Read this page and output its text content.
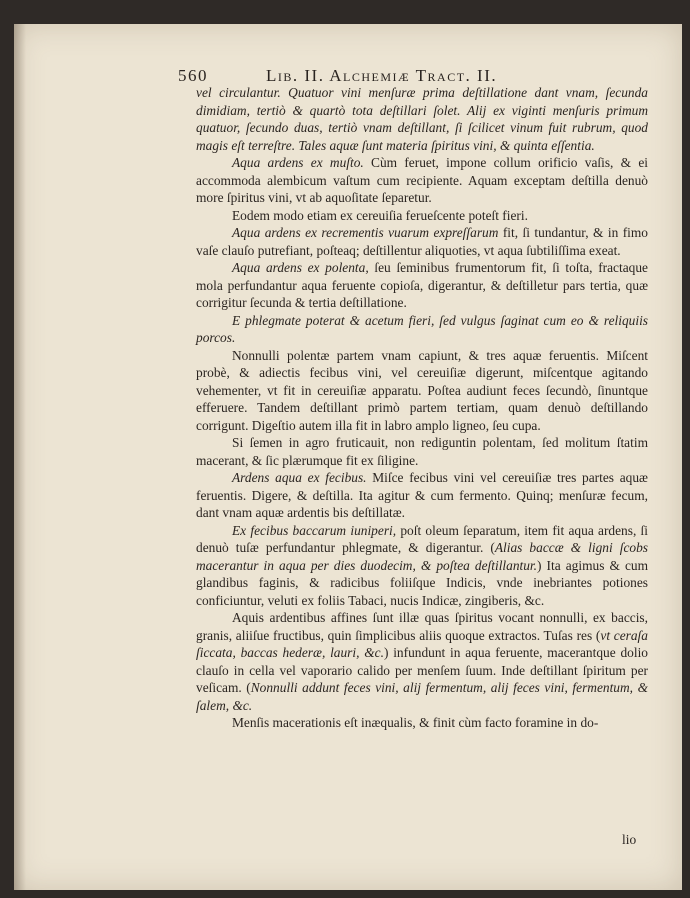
560	Lib. II. Alchemiæ Tract. II.

vel circulantur. Quatuor vini menſuræ prima deſtillatione dant vnam, ſecunda dimidiam, tertiò & quartò tota deſtillari ſolet. Alij ex viginti menſuris primum quatuor, ſecundo duas, tertiò vnam deſtillant, ſi ſcilicet vinum fuit rubrum, quod magis eſt terreſtre. Tales aquæ ſunt materia ſpiritus vini, & quinta eſſentia.

Aqua ardens ex muſto. Cùm feruet, impone collum orificio vaſis, & ei accommoda alembicum vaſtum cum recipiente. Aquam exceptam deſtilla denuò more ſpiritus vini, vt ab aquoſitate ſeparetur.

Eodem modo etiam ex cereuiſia ferueſcente poteſt fieri.

Aqua ardens ex recrementis vuarum expreſſarum fit, ſi tundantur, & in fimo vaſe clauſo putrefiant, poſteaq; deſtillentur aliquoties, vt aqua ſubtiliſſima exeat.

Aqua ardens ex polenta, ſeu ſeminibus frumentorum fit, ſi toſta, fractaque mola perfundantur aqua feruente copioſa, digerantur, & deſtilletur pars tertia, quæ corrigitur ſecunda & tertia deſtillatione.

E phlegmate poterat & acetum fieri, ſed vulgus ſaginat cum eo & reliquiis porcos.

Nonnulli polentæ partem vnam capiunt, & tres aquæ feruentis. Miſcent probè, & adiectis fecibus vini, vel cereuiſiæ digerunt, miſcentque agitando vehementer, vt fit in cereuiſiæ apparatu. Poſtea audiunt feces ſecundò, ſinuntque efferuere. Tandem deſtillant primò partem tertiam, quam denuò deſtillando corrigunt. Digeſtio autem illa fit in labro amplo ligneo, ſeu cupa.

Si ſemen in agro fruticauit, non rediguntin polentam, ſed molitum ſtatim macerant, & ſic plærumque fit ex ſiligine.

Ardens aqua ex fecibus. Miſce fecibus vini vel cereuiſiæ tres partes aquæ feruentis. Digere, & deſtilla. Ita agitur & cum fermento. Quinq; menſuræ fecum, dant vnam aquæ ardentis bis deſtillatæ.

Ex fecibus baccarum iuniperi, poſt oleum ſeparatum, item fit aqua ardens, ſi denuò tuſæ perfundantur phlegmate, & digerantur. (Alias baccæ & ligni ſcobs macerantur in aqua per dies duodecim, & poſtea deſtillantur.) Ita agimus & cum glandibus faginis, & radicibus foliiſque Indicis, vnde inebriantes potiones conficiuntur, veluti ex foliis Tabaci, nucis Indicæ, zingiberis, &c.

Aquis ardentibus affines ſunt illæ quas ſpiritus vocant nonnulli, ex baccis, granis, aliiſue fructibus, quin ſimplicibus aliis quoque extractos. Tuſas res (vt ceraſa ſiccata, baccas hederæ, lauri, &c.) infundunt in aqua feruente, macerantque dolio clauſo in cella vel vaporario calido per menſem ſuum. Inde deſtillant ſpiritum per veſicam. (Nonnulli addunt feces vini, alij fermentum, alij feces vini, fermentum, & ſalem, &c.

Menſis macerationis eſt inæqualis, & finit cùm facto foramine in do-

lio
